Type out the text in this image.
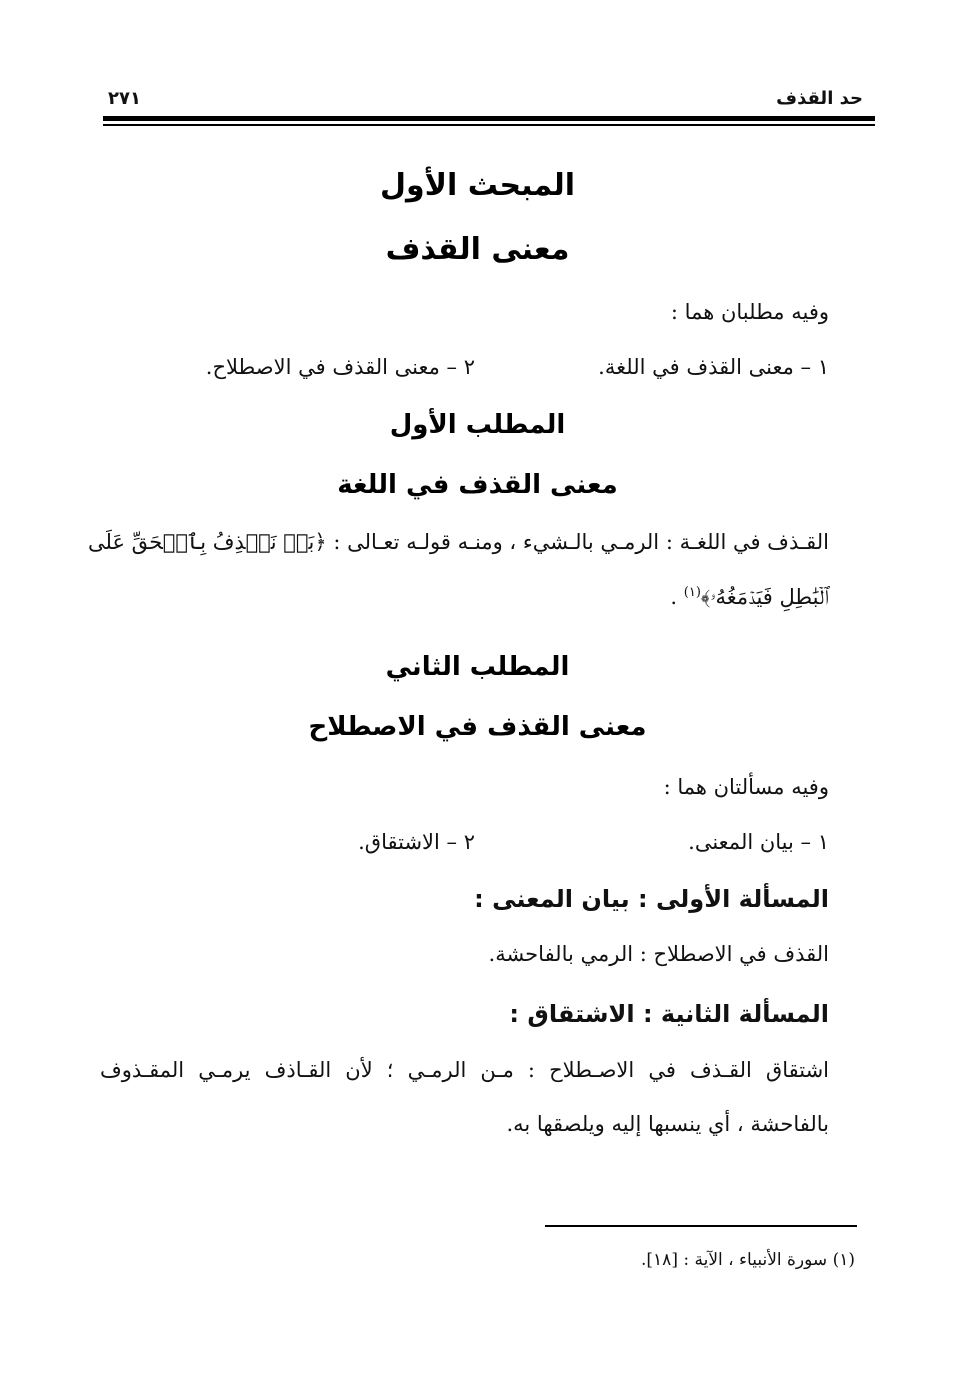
حد القذف
٢٧١
المبحث الأول
معنى القذف
وفيه مطلبان هما :
١ – معنى القذف في اللغة.
٢ – معنى القذف في الاصطلاح.
المطلب الأول
معنى القذف في اللغة
القـذف في اللغـة : الرمـي بالـشيء ، ومنـه قولـه تعـالى : ﴿بَلۡ نَقۡذِفُ بِٱلۡحَقِّ عَلَى
ٱلۡبَٰطِلِ فَيَدۡمَغُهُۥ﴾$^{(١)}$ .
المطلب الثاني
معنى القذف في الاصطلاح
وفيه مسألتان هما :
١ – بيان المعنى.
٢ – الاشتقاق.
المسألة الأولى : بيان المعنى :
القذف في الاصطلاح : الرمي بالفاحشة.
المسألة الثانية : الاشتقاق :
اشتقاق القـذف في الاصـطلاح : مـن الرمـي ؛ لأن القـاذف يرمـي المقـذوف
بالفاحشة ، أي ينسبها إليه ويلصقها به.
(١) سورة الأنبياء ، الآية : [١٨].
